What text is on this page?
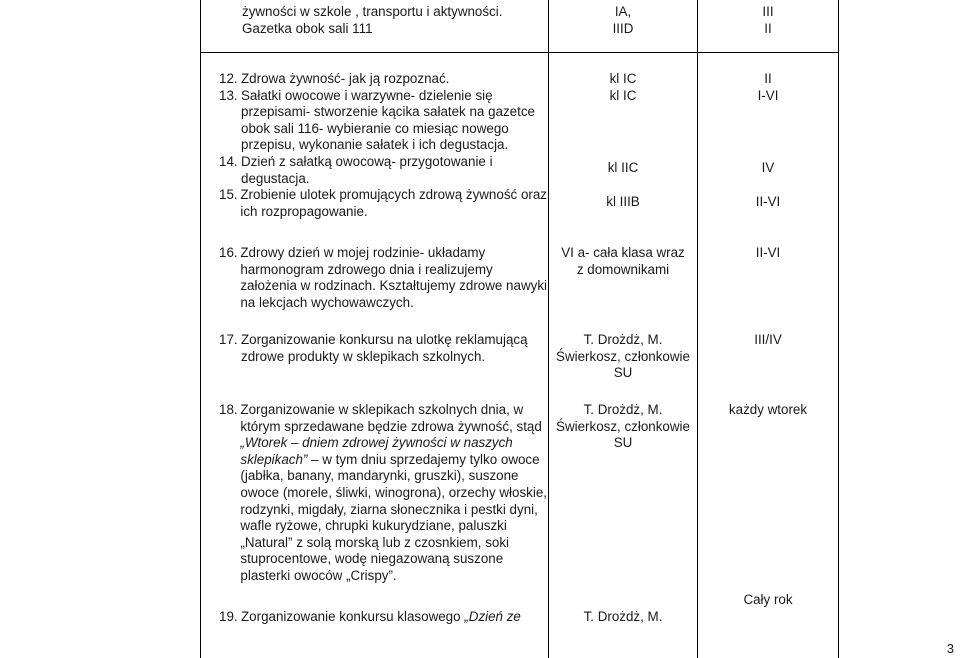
żywności w szkole , transportu i aktywności.
Gazetka obok sali 111
IA,
IIID
III
II
12. Zdrowa żywność- jak ją rozpoznać.
13. Sałatki owocowe i warzywne- dzielenie się
przepisami- stworzenie kącika sałatek na gazetce
obok sali 116- wybieranie co miesiąc nowego
przepisu, wykonanie sałatek i ich degustacja.
14. Dzień z sałatką owocową- przygotowanie i
degustacja.
15. Zrobienie ulotek promujących zdrową żywność oraz
ich rozpropagowanie.
kl IC
kl IC
kl IIC
kl IIIB
II
I-VI
IV
II-VI
16. Zdrowy dzień w mojej rodzinie- układamy
harmonogram zdrowego dnia i realizujemy
założenia w rodzinach. Kształtujemy zdrowe nawyki
na lekcjach wychowawczych.
VI a- cała klasa wraz
z domownikami
II-VI
17. Zorganizowanie konkursu na ulotkę reklamującą
zdrowe produkty w sklepikach szkolnych.
T. Drożdż, M.
Świerkosz, członkowie
SU
III/IV
18. Zorganizowanie w sklepikach szkolnych dnia, w
którym sprzedawane będzie zdrowa żywność, stąd
„Wtorek – dniem zdrowej żywności w naszych
sklepikach” – w tym dniu sprzedajemy tylko owoce
(jabłka, banany, mandarynki, gruszki), suszone
owoce (morele, śliwki, winogrona), orzechy włoskie,
rodzynki, migdały, ziarna słonecznika i pestki dyni,
wafle ryżowe, chrupki kukurydziane, paluszki
„Natural” z solą morską lub z czosnkiem, soki
stuprocentowe, wodę niegazowaną suszone
plasterki owoców „Crispy”.
T. Drożdż, M.
Świerkosz, członkowie
SU
każdy wtorek
19. Zorganizowanie konkursu klasowego „Dzień ze	T. Drożdż, M.
Cały rok
3
